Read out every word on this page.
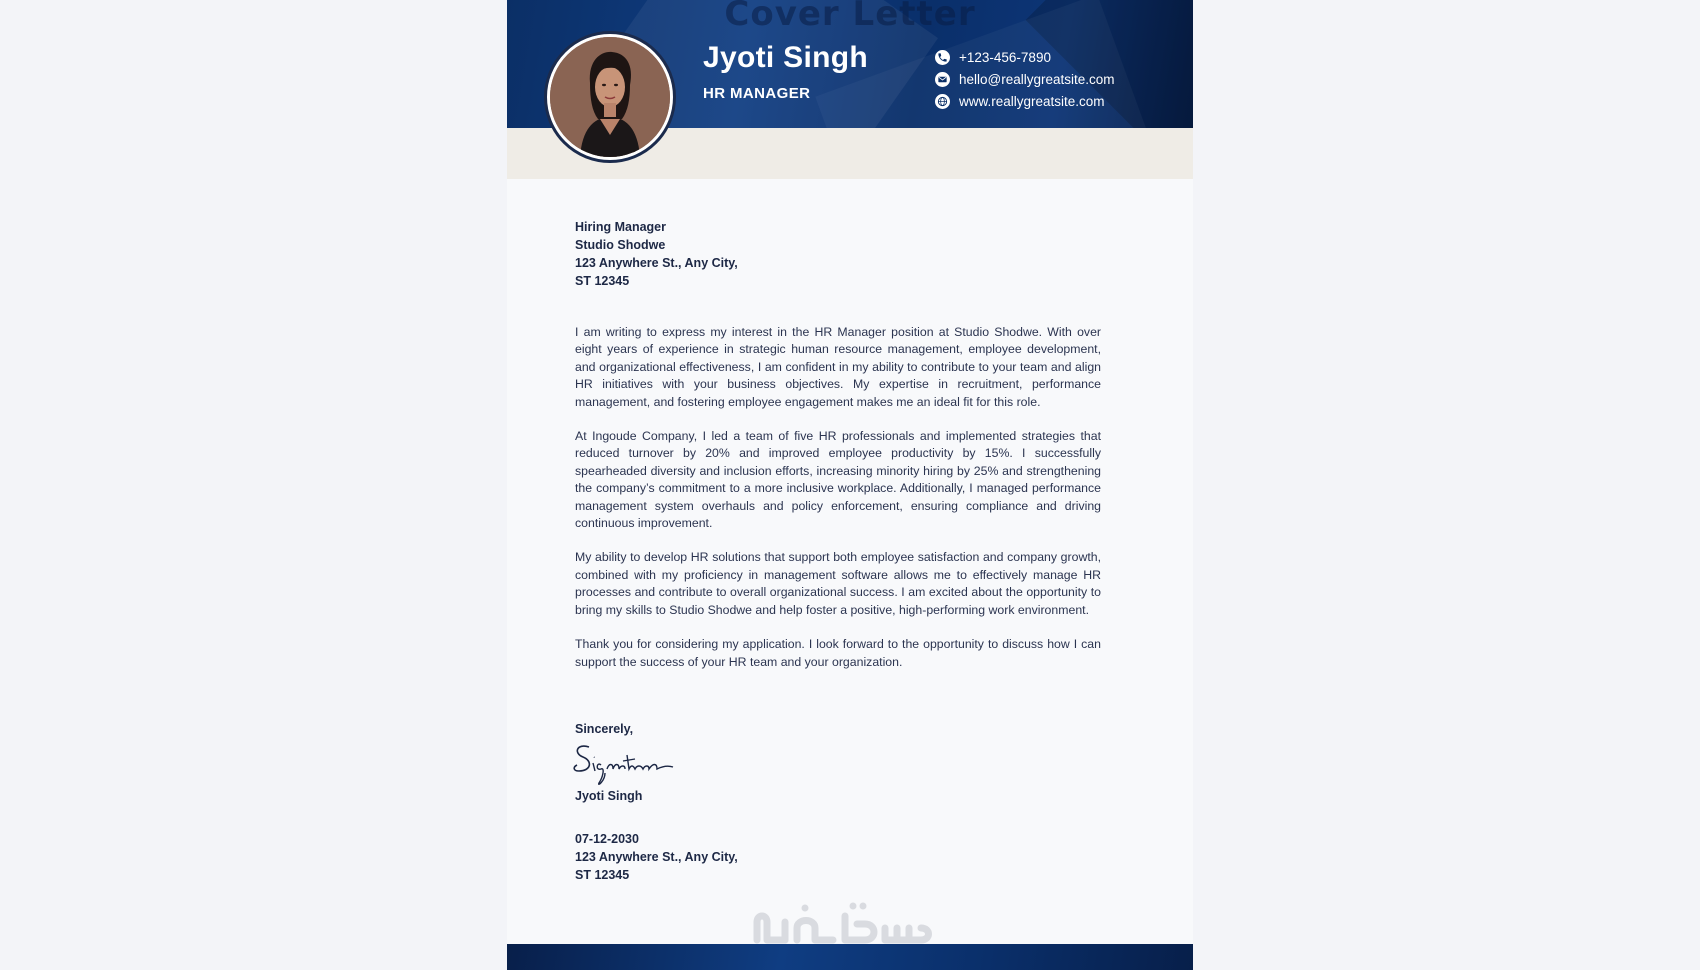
Cover Letter
Jyoti Singh
HR MANAGER
+123-456-7890
hello@reallygreatsite.com
www.reallygreatsite.com
Hiring Manager
Studio Shodwe
123 Anywhere St., Any City,
ST 12345

I am writing to express my interest in the HR Manager position at Studio Shodwe. With over eight years of experience in strategic human resource management, employee development, and organizational effectiveness, I am confident in my ability to contribute to your team and align HR initiatives with your business objectives. My expertise in recruitment, performance management, and fostering employee engagement makes me an ideal fit for this role.

At Ingoude Company, I led a team of five HR professionals and implemented strategies that reduced turnover by 20% and improved employee productivity by 15%. I successfully spearheaded diversity and inclusion efforts, increasing minority hiring by 25% and strengthening the company’s commitment to a more inclusive workplace. Additionally, I managed performance management system overhauls and policy enforcement, ensuring compliance and driving continuous improvement.

My ability to develop HR solutions that support both employee satisfaction and company growth, combined with my proficiency in management software allows me to effectively manage HR processes and contribute to overall organizational success. I am excited about the opportunity to bring my skills to Studio Shodwe and help foster a positive, high-performing work environment.

Thank you for considering my application. I look forward to the opportunity to discuss how I can support the success of your HR team and your organization.

Sincerely,
Jyoti Singh
07-12-2030
123 Anywhere St., Any City,
ST 12345
